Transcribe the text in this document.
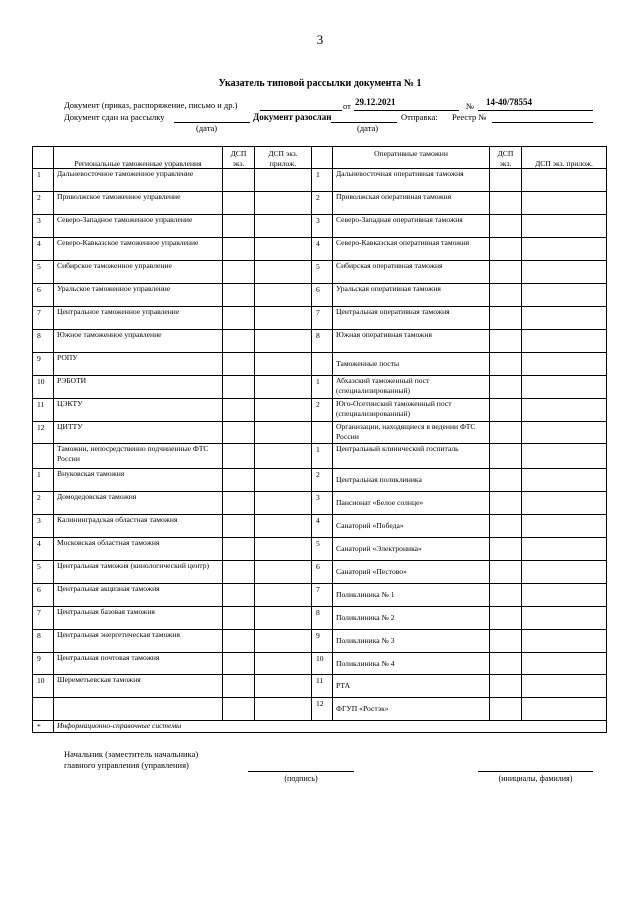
3
Указатель типовой рассылки документа № 1
Документ (приказ, распоряжение, письмо и др.)	от 29.12.2021	№ 14-40/78554
Документ сдан на рассылку	Документ разослан	Отправка: Реестр №
(дата)	(дата)
	Региональные таможенные управления	ДСП экз.	ДСП экз. прилож.		Оперативные таможни	ДСП экз.	ДСП экз. прилож.
1	Дальневосточное таможенное управление			1	Дальневосточная оперативная таможня		
2	Приволжское таможенное управление			2	Приволжская оперативная таможня		
3	Северо-Западное таможенное управление			3	Северо-Западная оперативная таможня		
4	Северо-Кавказское таможенное управление			4	Северо-Кавказская оперативная таможня		
5	Сибирское таможенное управление			5	Сибирская оперативная таможня		
6	Уральское таможенное управление			6	Уральская оперативная таможня		
7	Центральное таможенное управление			7	Центральная оперативная таможня		
8	Южное таможенное управление			8	Южная оперативная таможня		
9	РОПУ				Таможенные посты		
10	РЭБОТИ			1	Абхазский таможенный пост (специализированный)		
11	ЦЭКТУ			2	Юго-Осетинский таможенный пост (специализированный)		
12	ЦИТТУ				Организации, находящиеся в ведении ФТС России		
	Таможни, непосредственно подчиненные ФТС России			1	Центральный клинический госпиталь		
1	Внуковская таможня			2	Центральная поликлиника		
2	Домодедовская таможня			3	Пансионат «Белое солнце»		
3	Калининградская областная таможня			4	Санаторий «Победа»		
4	Московская областная таможня			5	Санаторий «Электроника»		
5	Центральная таможня (кинологический центр)			6	Санаторий «Пестово»		
6	Центральная акцизная таможня			7	Поликлиника № 1		
7	Центральная базовая таможня			8	Поликлиника № 2		
8	Центральная энергетическая таможня			9	Поликлиника № 3		
9	Центральная почтовая таможня			10	Поликлиника № 4		
10	Шереметьевская таможня			11	РТА		
				12	ФГУП «Ростэк»		
*	Информационно-справочные системы						
Начальник (заместитель начальника)
главного управления (управления)
(подпись)	(инициалы, фамилия)
